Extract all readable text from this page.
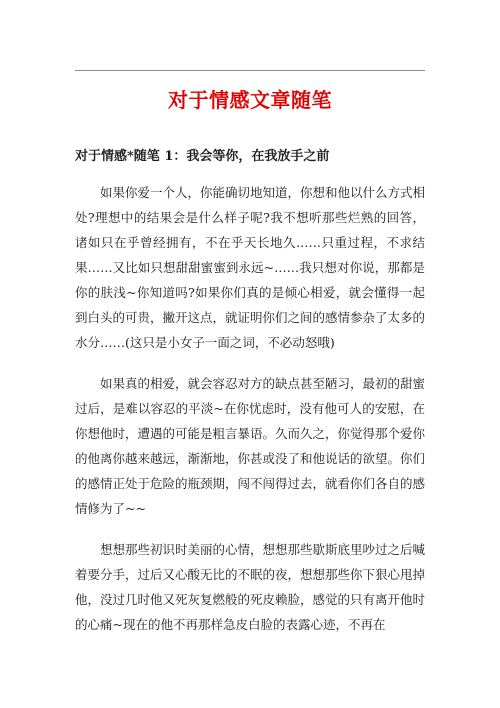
对于情感文章随笔
对于情感*随笔 1：我会等你，在我放手之前

如果你爱一个人，你能确切地知道，你想和他以什么方式相处?理想中的结果会是什么样子呢?我不想听那些烂熟的回答，诸如只在乎曾经拥有，不在乎天长地久……只重过程，不求结果……又比如只想甜甜蜜蜜到永远~……我只想对你说，那都是你的肤浅~你知道吗?如果你们真的是倾心相爱，就会懂得一起到白头的可贵，撇开这点，就证明你们之间的感情参杂了太多的水分……(这只是小女子一面之词，不必动怒哦)

如果真的相爱，就会容忍对方的缺点甚至陋习，最初的甜蜜过后，是难以容忍的平淡~在你忧虑时，没有他可人的安慰，在你想他时，遭遇的可能是粗言暴语。久而久之，你觉得那个爱你的他离你越来越远，渐渐地，你甚或没了和他说话的欲望。你们的感情正处于危险的瓶颈期，闯不闯得过去，就看你们各自的感情修为了~~

想想那些初识时美丽的心情，想想那些歇斯底里吵过之后喊着要分手，过后又心酸无比的不眠的夜，想想那些你下狠心甩掉他，没过几时他又死灰复燃般的死皮赖脸，感觉的只有离开他时的心痛~现在的他不再那样急皮白脸的表露心迹，不再在
